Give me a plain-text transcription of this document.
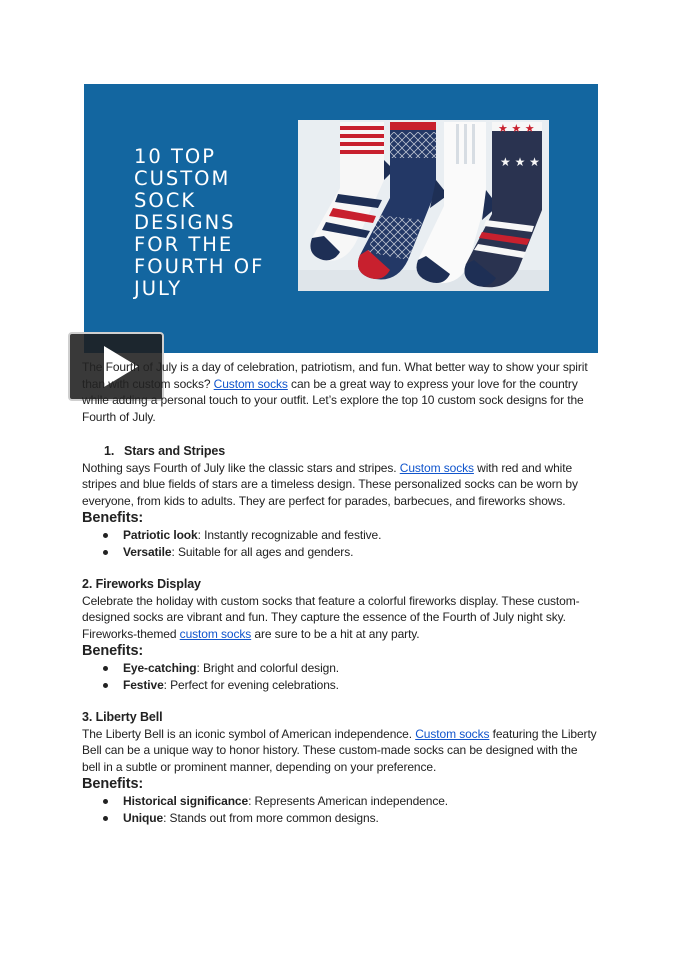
10 TOP
CUSTOM
SOCK
DESIGNS
FOR THE
FOURTH OF
JULY
★ ★ ★
★ ★ ★

The Fourth of July is a day of celebration, patriotism, and fun. What better way to show your spirit than with custom socks? Custom socks can be a great way to express your love for the country while adding a personal touch to your outfit. Let’s explore the top 10 custom sock designs for the Fourth of July.

1. Stars and Stripes

Nothing says Fourth of July like the classic stars and stripes. Custom socks with red and white stripes and blue fields of stars are a timeless design. These personalized socks can be worn by everyone, from kids to adults. They are perfect for parades, barbecues, and fireworks shows.

Benefits:

Patriotic look: Instantly recognizable and festive.
Versatile: Suitable for all ages and genders.

2. Fireworks Display

Celebrate the holiday with custom socks that feature a colorful fireworks display. These custom-designed socks are vibrant and fun. They capture the essence of the Fourth of July night sky. Fireworks-themed custom socks are sure to be a hit at any party.

Benefits:

Eye-catching: Bright and colorful design.
Festive: Perfect for evening celebrations.

3. Liberty Bell

The Liberty Bell is an iconic symbol of American independence. Custom socks featuring the Liberty Bell can be a unique way to honor history. These custom-made socks can be designed with the bell in a subtle or prominent manner, depending on your preference.

Benefits:

Historical significance: Represents American independence.
Unique: Stands out from more common designs.
